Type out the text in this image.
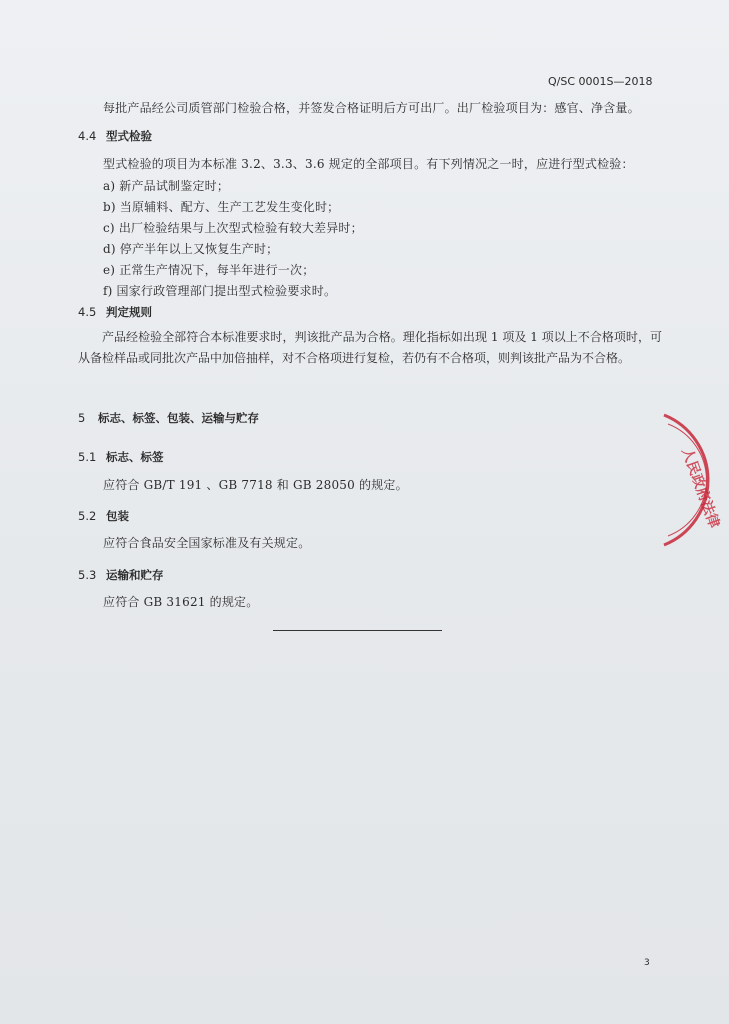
Q/SC 0001S—2018
每批产品经公司质管部门检验合格，并签发合格证明后方可出厂。出厂检验项目为：感官、净含量。
4.4 型式检验
型式检验的项目为本标准 3.2、3.3、3.6 规定的全部项目。有下列情况之一时，应进行型式检验：
a) 新产品试制鉴定时；
b) 当原辅料、配方、生产工艺发生变化时；
c) 出厂检验结果与上次型式检验有较大差异时；
d) 停产半年以上又恢复生产时；
e) 正常生产情况下，每半年进行一次；
f) 国家行政管理部门提出型式检验要求时。
4.5 判定规则
产品经检验全部符合本标准要求时，判该批产品为合格。理化指标如出现 1 项及 1 项以上不合格项时，可从备检样品或同批次产品中加倍抽样，对不合格项进行复检，若仍有不合格项，则判该批产品为不合格。
5 标志、标签、包装、运输与贮存
5.1 标志、标签
应符合 GB/T 191 、GB 7718 和 GB 28050 的规定。
5.2 包装
应符合食品安全国家标准及有关规定。
5.3 运输和贮存
应符合 GB 31621 的规定。
人民政府法律
3
